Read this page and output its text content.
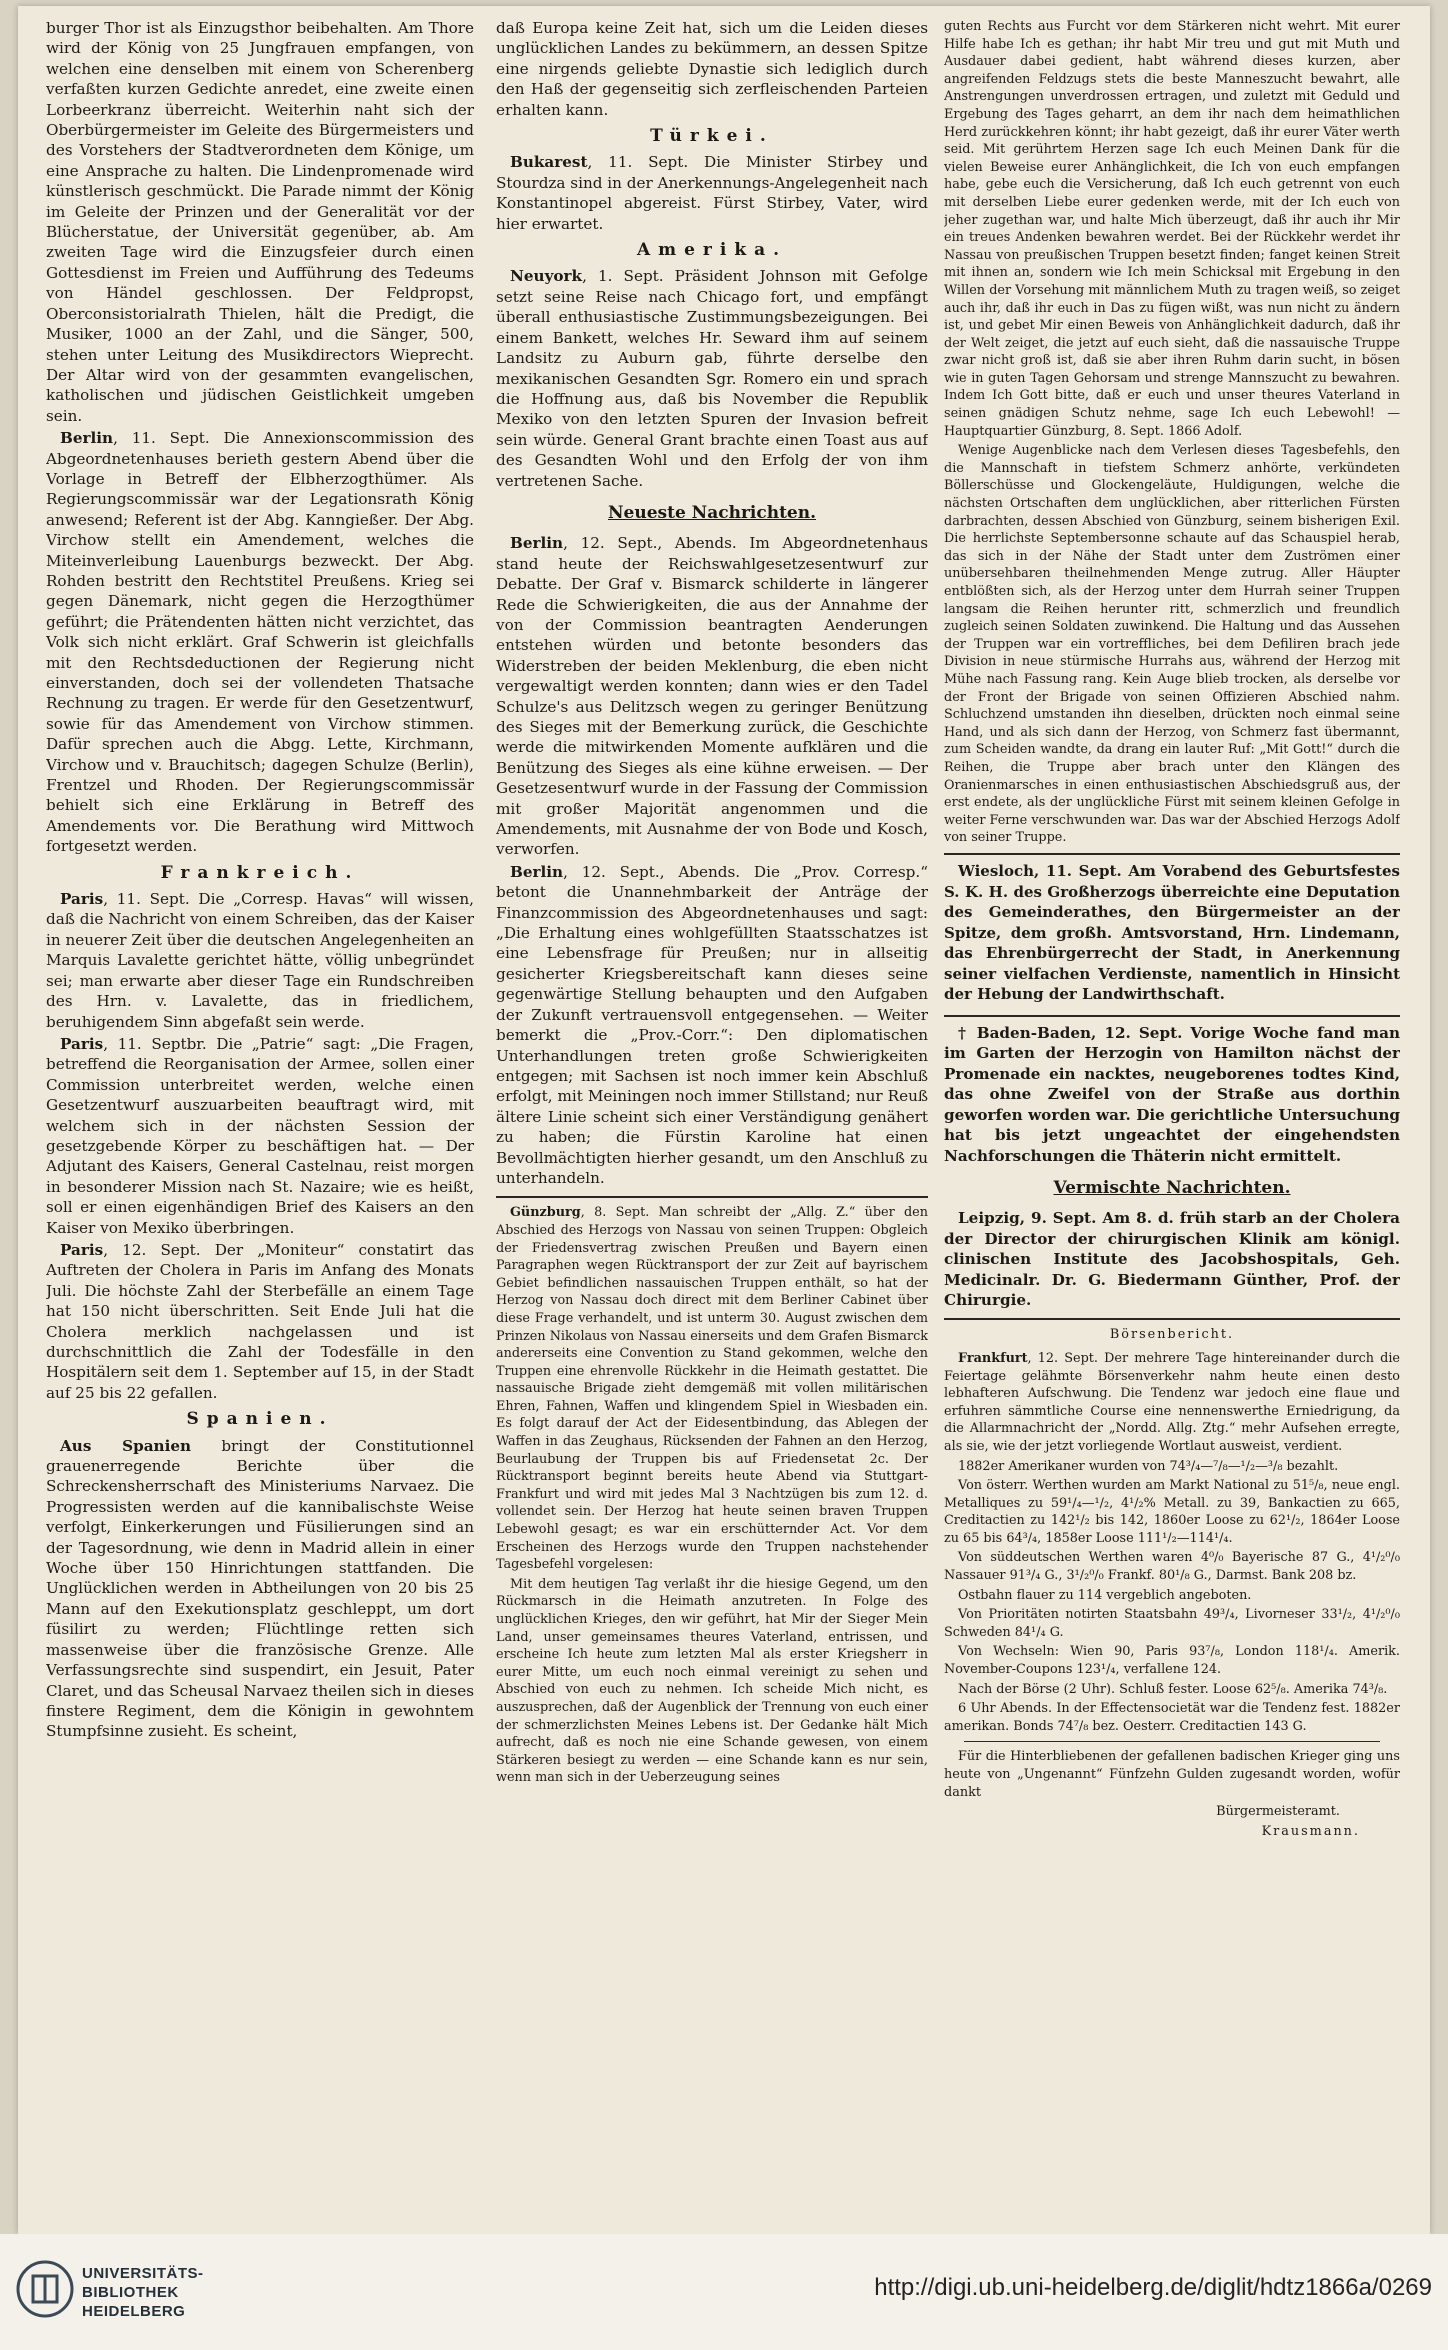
burger Thor ist als Einzugsthor beibehalten. Am Thore wird der König von 25 Jungfrauen empfangen, von welchen eine denselben mit einem von Scherenberg verfaßten kurzen Gedichte anredet, eine zweite einen Lorbeerkranz überreicht. Weiterhin naht sich der Oberbürgermeister im Geleite des Bürgermeisters und des Vorstehers der Stadtverordneten dem Könige, um eine Ansprache zu halten. Die Lindenpromenade wird künstlerisch geschmückt. Die Parade nimmt der König im Geleite der Prinzen und der Generalität vor der Blücherstatue, der Universität gegenüber, ab. Am zweiten Tage wird die Einzugsfeier durch einen Gottesdienst im Freien und Aufführung des Tedeums von Händel geschlossen. Der Feldpropst, Oberconsistorialrath Thielen, hält die Predigt, die Musiker, 1000 an der Zahl, und die Sänger, 500, stehen unter Leitung des Musikdirectors Wieprecht. Der Altar wird von der gesammten evangelischen, katholischen und jüdischen Geistlichkeit umgeben sein.

Berlin, 11. Sept. Die Annexionscommission des Abgeordnetenhauses berieth gestern Abend über die Vorlage in Betreff der Elbherzogthümer. Als Regierungscommissär war der Legationsrath König anwesend; Referent ist der Abg. Kanngießer. Der Abg. Virchow stellt ein Amendement, welches die Miteinverleibung Lauenburgs bezweckt. Der Abg. Rohden bestritt den Rechtstitel Preußens. Krieg sei gegen Dänemark, nicht gegen die Herzogthümer geführt; die Prätendenten hätten nicht verzichtet, das Volk sich nicht erklärt. Graf Schwerin ist gleichfalls mit den Rechtsdeductionen der Regierung nicht einverstanden, doch sei der vollendeten Thatsache Rechnung zu tragen. Er werde für den Gesetzentwurf, sowie für das Amendement von Virchow stimmen. Dafür sprechen auch die Abgg. Lette, Kirchmann, Virchow und v. Brauchitsch; dagegen Schulze (Berlin), Frentzel und Rhoden. Der Regierungscommissär behielt sich eine Erklärung in Betreff des Amendements vor. Die Berathung wird Mittwoch fortgesetzt werden.

Frankreich.

Paris, 11. Sept. Die „Corresp. Havas“ will wissen, daß die Nachricht von einem Schreiben, das der Kaiser in neuerer Zeit über die deutschen Angelegenheiten an Marquis Lavalette gerichtet hätte, völlig unbegründet sei; man erwarte aber dieser Tage ein Rundschreiben des Hrn. v. Lavalette, das in friedlichem, beruhigendem Sinn abgefaßt sein werde.

Paris, 11. Septbr. Die „Patrie“ sagt: „Die Fragen, betreffend die Reorganisation der Armee, sollen einer Commission unterbreitet werden, welche einen Gesetzentwurf auszuarbeiten beauftragt wird, mit welchem sich in der nächsten Session der gesetzgebende Körper zu beschäftigen hat. — Der Adjutant des Kaisers, General Castelnau, reist morgen in besonderer Mission nach St. Nazaire; wie es heißt, soll er einen eigenhändigen Brief des Kaisers an den Kaiser von Mexiko überbringen.

Paris, 12. Sept. Der „Moniteur“ constatirt das Auftreten der Cholera in Paris im Anfang des Monats Juli. Die höchste Zahl der Sterbefälle an einem Tage hat 150 nicht überschritten. Seit Ende Juli hat die Cholera merklich nachgelassen und ist durchschnittlich die Zahl der Todesfälle in den Hospitälern seit dem 1. September auf 15, in der Stadt auf 25 bis 22 gefallen.

Spanien.

Aus Spanien bringt der Constitutionnel grauenerregende Berichte über die Schreckensherrschaft des Ministeriums Narvaez. Die Progressisten werden auf die kannibalischste Weise verfolgt, Einkerkerungen und Füsilierungen sind an der Tagesordnung, wie denn in Madrid allein in einer Woche über 150 Hinrichtungen stattfanden. Die Unglücklichen werden in Abtheilungen von 20 bis 25 Mann auf den Exekutionsplatz geschleppt, um dort füsilirt zu werden; Flüchtlinge retten sich massenweise über die französische Grenze. Alle Verfassungsrechte sind suspendirt, ein Jesuit, Pater Claret, und das Scheusal Narvaez theilen sich in dieses finstere Regiment, dem die Königin in gewohntem Stumpfsinne zusieht. Es scheint,

daß Europa keine Zeit hat, sich um die Leiden dieses unglücklichen Landes zu bekümmern, an dessen Spitze eine nirgends geliebte Dynastie sich lediglich durch den Haß der gegenseitig sich zerfleischenden Parteien erhalten kann.

Türkei.

Bukarest, 11. Sept. Die Minister Stirbey und Stourdza sind in der Anerkennungs-Angelegenheit nach Konstantinopel abgereist. Fürst Stirbey, Vater, wird hier erwartet.

Amerika.

Neuyork, 1. Sept. Präsident Johnson mit Gefolge setzt seine Reise nach Chicago fort, und empfängt überall enthusiastische Zustimmungsbezeigungen. Bei einem Bankett, welches Hr. Seward ihm auf seinem Landsitz zu Auburn gab, führte derselbe den mexikanischen Gesandten Sgr. Romero ein und sprach die Hoffnung aus, daß bis November die Republik Mexiko von den letzten Spuren der Invasion befreit sein würde. General Grant brachte einen Toast aus auf des Gesandten Wohl und den Erfolg der von ihm vertretenen Sache.

Neueste Nachrichten.

Berlin, 12. Sept., Abends. Im Abgeordnetenhaus stand heute der Reichswahlgesetzesentwurf zur Debatte. Der Graf v. Bismarck schilderte in längerer Rede die Schwierigkeiten, die aus der Annahme der von der Commission beantragten Aenderungen entstehen würden und betonte besonders das Widerstreben der beiden Meklenburg, die eben nicht vergewaltigt werden konnten; dann wies er den Tadel Schulze's aus Delitzsch wegen zu geringer Benützung des Sieges mit der Bemerkung zurück, die Geschichte werde die mitwirkenden Momente aufklären und die Benützung des Sieges als eine kühne erweisen. — Der Gesetzesentwurf wurde in der Fassung der Commission mit großer Majorität angenommen und die Amendements, mit Ausnahme der von Bode und Kosch, verworfen.

Berlin, 12. Sept., Abends. Die „Prov. Corresp.“ betont die Unannehmbarkeit der Anträge der Finanzcommission des Abgeordnetenhauses und sagt: „Die Erhaltung eines wohlgefüllten Staatsschatzes ist eine Lebensfrage für Preußen; nur in allseitig gesicherter Kriegsbereitschaft kann dieses seine gegenwärtige Stellung behaupten und den Aufgaben der Zukunft vertrauensvoll entgegensehen. — Weiter bemerkt die „Prov.-Corr.“: Den diplomatischen Unterhandlungen treten große Schwierigkeiten entgegen; mit Sachsen ist noch immer kein Abschluß erfolgt, mit Meiningen noch immer Stillstand; nur Reuß ältere Linie scheint sich einer Verständigung genähert zu haben; die Fürstin Karoline hat einen Bevollmächtigten hierher gesandt, um den Anschluß zu unterhandeln.

Günzburg, 8. Sept. Man schreibt der „Allg. Z.“ über den Abschied des Herzogs von Nassau von seinen Truppen: Obgleich der Friedensvertrag zwischen Preußen und Bayern einen Paragraphen wegen Rücktransport der zur Zeit auf bayrischem Gebiet befindlichen nassauischen Truppen enthält, so hat der Herzog von Nassau doch direct mit dem Berliner Cabinet über diese Frage verhandelt, und ist unterm 30. August zwischen dem Prinzen Nikolaus von Nassau einerseits und dem Grafen Bismarck andererseits eine Convention zu Stand gekommen, welche den Truppen eine ehrenvolle Rückkehr in die Heimath gestattet. Die nassauische Brigade zieht demgemäß mit vollen militärischen Ehren, Fahnen, Waffen und klingendem Spiel in Wiesbaden ein. Es folgt darauf der Act der Eidesentbindung, das Ablegen der Waffen in das Zeughaus, Rücksenden der Fahnen an den Herzog, Beurlaubung der Truppen bis auf Friedensetat 2c. Der Rücktransport beginnt bereits heute Abend via Stuttgart-Frankfurt und wird mit jedes Mal 3 Nachtzügen bis zum 12. d. vollendet sein. Der Herzog hat heute seinen braven Truppen Lebewohl gesagt; es war ein erschütternder Act. Vor dem Erscheinen des Herzogs wurde den Truppen nachstehender Tagesbefehl vorgelesen:

Mit dem heutigen Tag verlaßt ihr die hiesige Gegend, um den Rückmarsch in die Heimath anzutreten. In Folge des unglücklichen Krieges, den wir geführt, hat Mir der Sieger Mein Land, unser gemeinsames theures Vaterland, entrissen, und erscheine Ich heute zum letzten Mal als erster Kriegsherr in eurer Mitte, um euch noch einmal vereinigt zu sehen und Abschied von euch zu nehmen. Ich scheide Mich nicht, es auszusprechen, daß der Augenblick der Trennung von euch einer der schmerzlichsten Meines Lebens ist. Der Gedanke hält Mich aufrecht, daß es noch nie eine Schande gewesen, von einem Stärkeren besiegt zu werden — eine Schande kann es nur sein, wenn man sich in der Ueberzeugung seines

guten Rechts aus Furcht vor dem Stärkeren nicht wehrt. Mit eurer Hilfe habe Ich es gethan; ihr habt Mir treu und gut mit Muth und Ausdauer dabei gedient, habt während dieses kurzen, aber angreifenden Feldzugs stets die beste Manneszucht bewahrt, alle Anstrengungen unverdrossen ertragen, und zuletzt mit Geduld und Ergebung des Tages geharrt, an dem ihr nach dem heimathlichen Herd zurückkehren könnt; ihr habt gezeigt, daß ihr eurer Väter werth seid. Mit gerührtem Herzen sage Ich euch Meinen Dank für die vielen Beweise eurer Anhänglichkeit, die Ich von euch empfangen habe, gebe euch die Versicherung, daß Ich euch getrennt von euch mit derselben Liebe eurer gedenken werde, mit der Ich euch von jeher zugethan war, und halte Mich überzeugt, daß ihr auch ihr Mir ein treues Andenken bewahren werdet. Bei der Rückkehr werdet ihr Nassau von preußischen Truppen besetzt finden; fanget keinen Streit mit ihnen an, sondern wie Ich mein Schicksal mit Ergebung in den Willen der Vorsehung mit männlichem Muth zu tragen weiß, so zeiget auch ihr, daß ihr euch in Das zu fügen wißt, was nun nicht zu ändern ist, und gebet Mir einen Beweis von Anhänglichkeit dadurch, daß ihr der Welt zeiget, die jetzt auf euch sieht, daß die nassauische Truppe zwar nicht groß ist, daß sie aber ihren Ruhm darin sucht, in bösen wie in guten Tagen Gehorsam und strenge Mannszucht zu bewahren. Indem Ich Gott bitte, daß er euch und unser theures Vaterland in seinen gnädigen Schutz nehme, sage Ich euch Lebewohl! — Hauptquartier Günzburg, 8. Sept. 1866 Adolf.

Wenige Augenblicke nach dem Verlesen dieses Tagesbefehls, den die Mannschaft in tiefstem Schmerz anhörte, verkündeten Böllerschüsse und Glockengeläute, Huldigungen, welche die nächsten Ortschaften dem unglücklichen, aber ritterlichen Fürsten darbrachten, dessen Abschied von Günzburg, seinem bisherigen Exil. Die herrlichste Septembersonne schaute auf das Schauspiel herab, das sich in der Nähe der Stadt unter dem Zuströmen einer unübersehbaren theilnehmenden Menge zutrug. Aller Häupter entblößten sich, als der Herzog unter dem Hurrah seiner Truppen langsam die Reihen herunter ritt, schmerzlich und freundlich zugleich seinen Soldaten zuwinkend. Die Haltung und das Aussehen der Truppen war ein vortreffliches, bei dem Defiliren brach jede Division in neue stürmische Hurrahs aus, während der Herzog mit Mühe nach Fassung rang. Kein Auge blieb trocken, als derselbe vor der Front der Brigade von seinen Offizieren Abschied nahm. Schluchzend umstanden ihn dieselben, drückten noch einmal seine Hand, und als sich dann der Herzog, von Schmerz fast übermannt, zum Scheiden wandte, da drang ein lauter Ruf: „Mit Gott!“ durch die Reihen, die Truppe aber brach unter den Klängen des Oranienmarsches in einen enthusiastischen Abschiedsgruß aus, der erst endete, als der unglückliche Fürst mit seinem kleinen Gefolge in weiter Ferne verschwunden war. Das war der Abschied Herzogs Adolf von seiner Truppe.

Wiesloch, 11. Sept. Am Vorabend des Geburtsfestes S. K. H. des Großherzogs überreichte eine Deputation des Gemeinderathes, den Bürgermeister an der Spitze, dem großh. Amtsvorstand, Hrn. Lindemann, das Ehrenbürgerrecht der Stadt, in Anerkennung seiner vielfachen Verdienste, namentlich in Hinsicht der Hebung der Landwirthschaft.

† Baden-Baden, 12. Sept. Vorige Woche fand man im Garten der Herzogin von Hamilton nächst der Promenade ein nacktes, neugeborenes todtes Kind, das ohne Zweifel von der Straße aus dorthin geworfen worden war. Die gerichtliche Untersuchung hat bis jetzt ungeachtet der eingehendsten Nachforschungen die Thäterin nicht ermittelt.

Vermischte Nachrichten.

Leipzig, 9. Sept. Am 8. d. früh starb an der Cholera der Director der chirurgischen Klinik am königl. clinischen Institute des Jacobshospitals, Geh. Medicinalr. Dr. G. Biedermann Günther, Prof. der Chirurgie.

Börsenbericht.

Frankfurt, 12. Sept. Der mehrere Tage hintereinander durch die Feiertage gelähmte Börsenverkehr nahm heute einen desto lebhafteren Aufschwung. Die Tendenz war jedoch eine flaue und erfuhren sämmtliche Course eine nennenswerthe Erniedrigung, da die Allarmnachricht der „Nordd. Allg. Ztg.“ mehr Aufsehen erregte, als sie, wie der jetzt vorliegende Wortlaut ausweist, verdient.

1882er Amerikaner wurden von 74³/₄—⁷/₈—¹/₂—³/₈ bezahlt.

Von österr. Werthen wurden am Markt National zu 51⁵/₈, neue engl. Metalliques zu 59¹/₄—¹/₂, 4¹/₂% Metall. zu 39, Bankactien zu 665, Creditactien zu 142¹/₂ bis 142, 1860er Loose zu 62¹/₂, 1864er Loose zu 65 bis 64³/₄, 1858er Loose 111¹/₂—114¹/₄.

Von süddeutschen Werthen waren 4⁰/₀ Bayerische 87 G., 4¹/₂⁰/₀ Nassauer 91³/₄ G., 3¹/₂⁰/₀ Frankf. 80¹/₈ G., Darmst. Bank 208 bz.

Ostbahn flauer zu 114 vergeblich angeboten.

Von Prioritäten notirten Staatsbahn 49³/₄, Livorneser 33¹/₂, 4¹/₂⁰/₀ Schweden 84¹/₄ G.

Von Wechseln: Wien 90, Paris 93⁷/₈, London 118¹/₄. Amerik. November-Coupons 123¹/₄, verfallene 124.

Nach der Börse (2 Uhr). Schluß fester. Loose 62⁵/₈. Amerika 74³/₈.

6 Uhr Abends. In der Effectensocietät war die Tendenz fest. 1882er amerikan. Bonds 74⁷/₈ bez. Oesterr. Creditactien 143 G.

Für die Hinterbliebenen der gefallenen badischen Krieger ging uns heute von „Ungenannt“ Fünfzehn Gulden zugesandt worden, wofür dankt

Bürgermeisteramt.

Krausmann.

UNIVERSITÄTS-
BIBLIOTHEK
HEIDELBERG
http://digi.ub.uni-heidelberg.de/diglit/hdtz1866a/0269
